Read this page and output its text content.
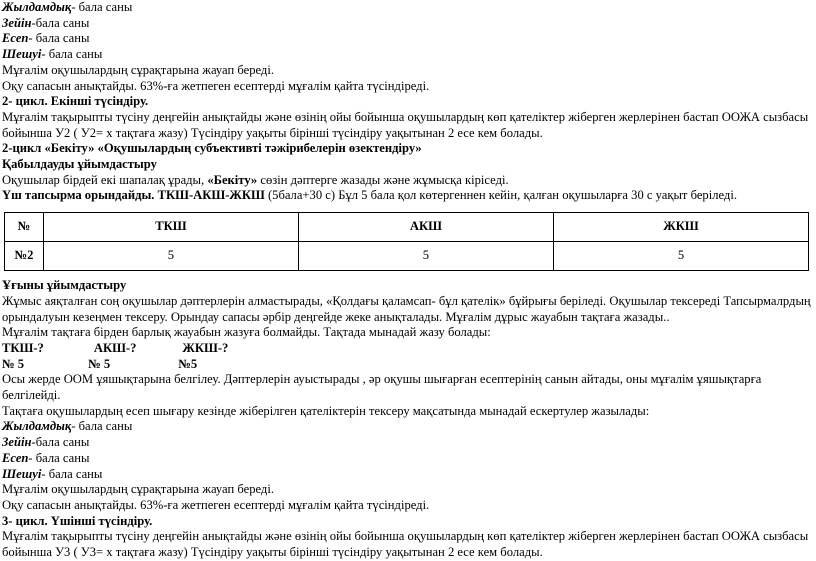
Жылдамдық- бала саны

Зейін-бала саны

Есеп- бала саны

Шешуі- бала саны

Мұғалім оқушылардың сұрақтарына жауап береді.

Оқу сапасын анықтайды. 63%-ға жетпеген есептерді мұғалім қайта түсіндіреді.

2- цикл. Екінші түсіндіру.

Мұғалім тақырыпты түсіну деңгейін анықтайды және өзінің ойы бойынша оқушылардың көп қателіктер жіберген жерлерінен бастап ООЖА сызбасы бойынша У2 ( У2= х тақтаға жазу) Түсіндіру уақыты бірінші түсіндіру уақытынан 2 есе кем болады.

2-цикл «Бекіту» «Оқушылардың субъективті тәжірибелерін өзектендіру»

Қабылдауды ұйымдастыру

Оқушылар бірдей екі шапалақ ұрады, «Бекіту» сөзін дәптерге жазады және жұмысқа кіріседі.

Үш тапсырма орындайды. ТКШ-АКШ-ЖКШ (5бала+30 с) Бұл 5 бала қол көтергеннен кейін, қалған оқушыларға 30 с уақыт беріледі.

№	ТКШ	АКШ	ЖКШ
№2	5	5	5

Ұғыны ұйымдастыру

Жұмыс аяқталған соң оқушылар дәптерлерін алмастырады, «Қолдағы қаламсап- бұл қателік» бұйрығы беріледі. Оқушылар тексереді Тапсырмалрдың орындалуын кезеңмен тексеру. Орындау сапасы әрбір деңгейде жеке анықталады. Мұғалім дұрыс жауабын тақтаға жазады..

Мұғалім тақтаға бірден барлық жауабын жазуға болмайды. Тақтада мынадай жазу болады:

ТКШ-?	АКШ-?	ЖКШ-?

№ 5	№ 5	№5

Осы жерде ООМ ұяшықтарына белгілеу. Дәптерлерін ауыстырады , әр оқушы шығарған есептерінің санын айтады, оны мұғалім ұяшықтарға белгілейді.

Тақтаға оқушылардың есеп шығару кезінде жіберілген қателіктерін тексеру мақсатында мынадай ескертулер жазылады:

Жылдамдық- бала саны

Зейін-бала саны

Есеп- бала саны

Шешуі- бала саны

Мұғалім оқушылардың сұрақтарына жауап береді.

Оқу сапасын анықтайды. 63%-ға жетпеген есептерді мұғалім қайта түсіндіреді.

3- цикл. Үшінші түсіндіру.

Мұғалім тақырыпты түсіну деңгейін анықтайды және өзінің ойы бойынша оқушылардың көп қателіктер жіберген жерлерінен бастап ООЖА сызбасы бойынша У3 ( У3= х тақтаға жазу) Түсіндіру уақыты бірінші түсіндіру уақытынан 2 есе кем болады.
